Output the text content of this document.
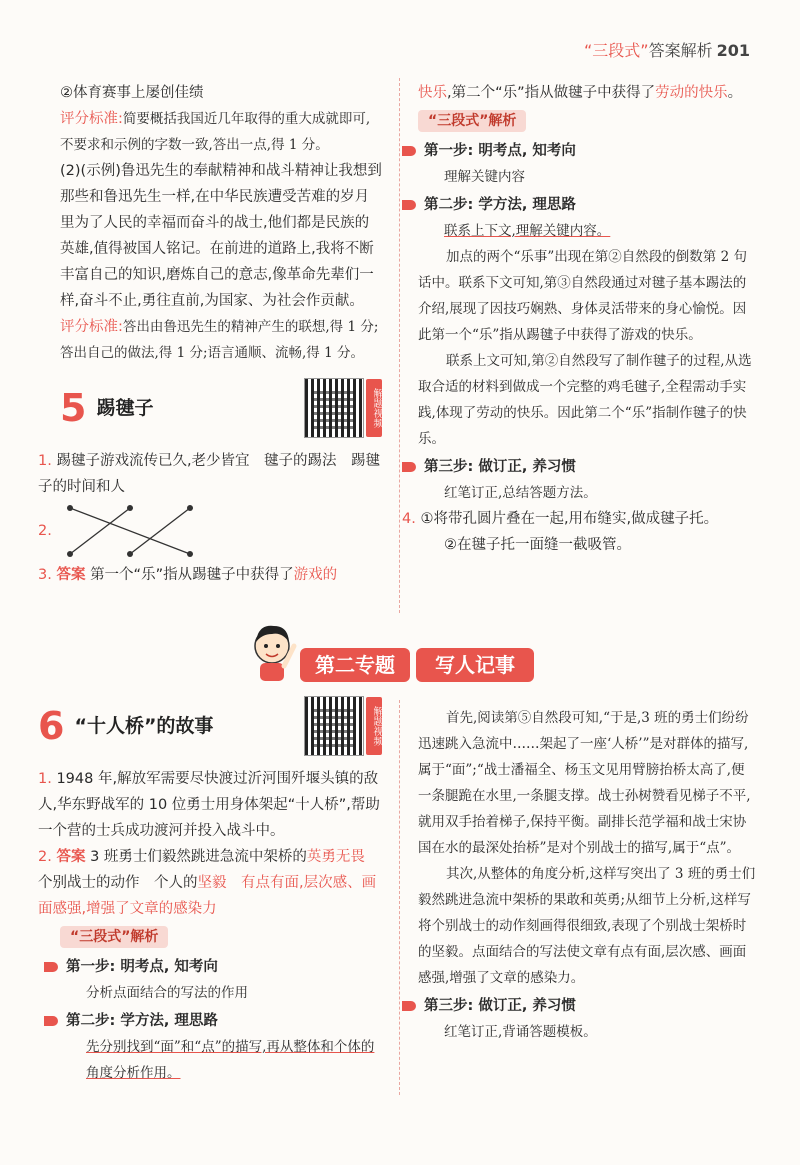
“三段式”答案解析 201

②体育赛事上屡创佳绩

评分标准:简要概括我国近几年取得的重大成就即可,不要求和示例的字数一致,答出一点,得 1 分。

(2)(示例)鲁迅先生的奉献精神和战斗精神让我想到那些和鲁迅先生一样,在中华民族遭受苦难的岁月里为了人民的幸福而奋斗的战士,他们都是民族的英雄,值得被国人铭记。在前进的道路上,我将不断丰富自己的知识,磨炼自己的意志,像革命先辈们一样,奋斗不止,勇往直前,为国家、为社会作贡献。

评分标准:答出由鲁迅先生的精神产生的联想,得 1 分;答出自己的做法,得 1 分;语言通顺、流畅,得 1 分。

5 踢毽子	解题视频

1. 踢毽子游戏流传已久,老少皆宜　毽子的踢法　踢毽子的时间和人

2.

3. 答案 第一个“乐”指从踢毽子中获得了游戏的

快乐,第二个“乐”指从做毽子中获得了劳动的快乐。

“三段式”解析
第一步: 明考点, 知考向

理解关键内容

第二步: 学方法, 理思路

联系上下文,理解关键内容。

加点的两个“乐事”出现在第②自然段的倒数第 2 句话中。联系下文可知,第③自然段通过对毽子基本踢法的介绍,展现了因技巧娴熟、身体灵活带来的身心愉悦。因此第一个“乐”指从踢毽子中获得了游戏的快乐。

联系上文可知,第②自然段写了制作毽子的过程,从选取合适的材料到做成一个完整的鸡毛毽子,全程需动手实践,体现了劳动的快乐。因此第二个“乐”指制作毽子的快乐。

第三步: 做订正, 养习惯

红笔订正,总结答题方法。

4. ①将带孔圆片叠在一起,用布缝实,做成毽子托。

②在毽子托一面缝一截吸管。

第二专题	写人记事
6 “十人桥”的故事	解题视频

1. 1948 年,解放军需要尽快渡过沂河围歼堰头镇的敌人,华东野战军的 10 位勇士用身体架起“十人桥”,帮助一个营的士兵成功渡河并投入战斗中。

2. 答案 3 班勇士们毅然跳进急流中架桥的英勇无畏　个别战士的动作　个人的坚毅　有点有面,层次感、画面感强,增强了文章的感染力

“三段式”解析
第一步: 明考点, 知考向

分析点面结合的写法的作用

第二步: 学方法, 理思路

先分别找到“面”和“点”的描写,再从整体和个体的角度分析作用。

首先,阅读第⑤自然段可知,“于是,3 班的勇士们纷纷迅速跳入急流中……架起了一座‘人桥’”是对群体的描写,属于“面”;“战士潘福全、杨玉文见用臂膀抬桥太高了,便一条腿跪在水里,一条腿支撑。战士孙树赞看见梯子不平,就用双手抬着梯子,保持平衡。副排长范学福和战士宋协国在水的最深处抬桥”是对个别战士的描写,属于“点”。

其次,从整体的角度分析,这样写突出了 3 班的勇士们毅然跳进急流中架桥的果敢和英勇;从细节上分析,这样写将个别战士的动作刻画得很细致,表现了个别战士架桥时的坚毅。点面结合的写法使文章有点有面,层次感、画面感强,增强了文章的感染力。

第三步: 做订正, 养习惯

红笔订正,背诵答题模板。
